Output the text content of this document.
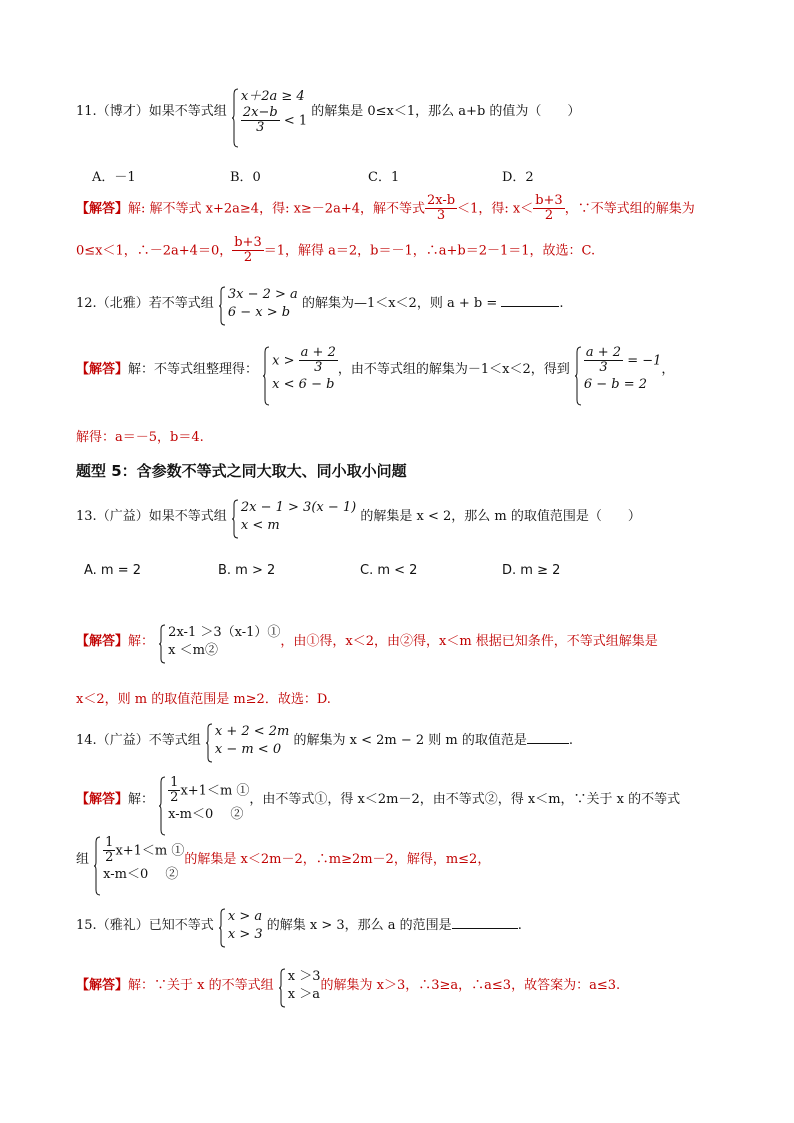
11.（博才）如果不等式组
x＋2a ≥ 4
$\frac{2x-b}{3} < 1$
的解集是 0≤x＜1，那么 a+b 的值为（　　）
A．－1	B．0	C．1	D．2
【解答】解: 解不等式 x+2a≥4，得: x≥－2a+4，解不等式 $\frac{2x-b}{3} <1$，得: $x< \frac{b+3}{2}$ ，∵不等式组的解集为
0≤x＜1，∴－2a+4＝0， $\frac{b+3}{2} =1$，解得 a＝2，b＝－1，∴a+b＝2－1＝1，故选：C.
12.（北雅）若不等式组
3x − 2 > a
6 − x > b
的解集为—1＜x＜2，则 a + b =	.
【解答】解：不等式组整理得：
$x > \frac{a + 2}{3}$
x < 6 − b
，由不等式组的解集为－1＜x＜2，得到 $\frac{a + 2}{3} = -1$
6 − b = 2
，
解得：a＝－5，b＝4.
题型 5：含参数不等式之同大取大、同小取小问题
13.（广益）如果不等式组
2x − 1 > 3(x − 1)
x < m
的解集是 x < 2，那么 m 的取值范围是（　　）
A. m = 2	B. m > 2	C. m < 2	D. m ≥ 2
【解答】解：
2x-1 ＞3（x-1）①
x ＜m②
，由①得，x＜2，由②得，x＜m 根据已知条件，不等式组解集是
x＜2，则 m 的取值范围是 m≥2．故选：D.
14.（广益）不等式组
x + 2 < 2m
x − m < 0
的解集为 x < 2m − 2 则 m 的取值范是	.
【解答】解： $\frac{1}{2} x+1<m$ ①
x-m＜0　 ②
，由不等式①，得 x＜2m－2，由不等式②，得 x＜m，∵关于 x 的不等式
组 $\frac{1}{2} x+1<m$ ①
x-m＜0　 ②
的解集是 x＜2m－2，∴m≥2m－2，解得，m≤2，
15.（雅礼）已知不等式
x > a
x > 3
的解集 x > 3，那么 a 的范围是	.
【解答】解：∵关于 x 的不等式组
x ＞3
x ＞a
的解集为 x＞3，∴3≥a，∴a≤3，故答案为：a≤3.
